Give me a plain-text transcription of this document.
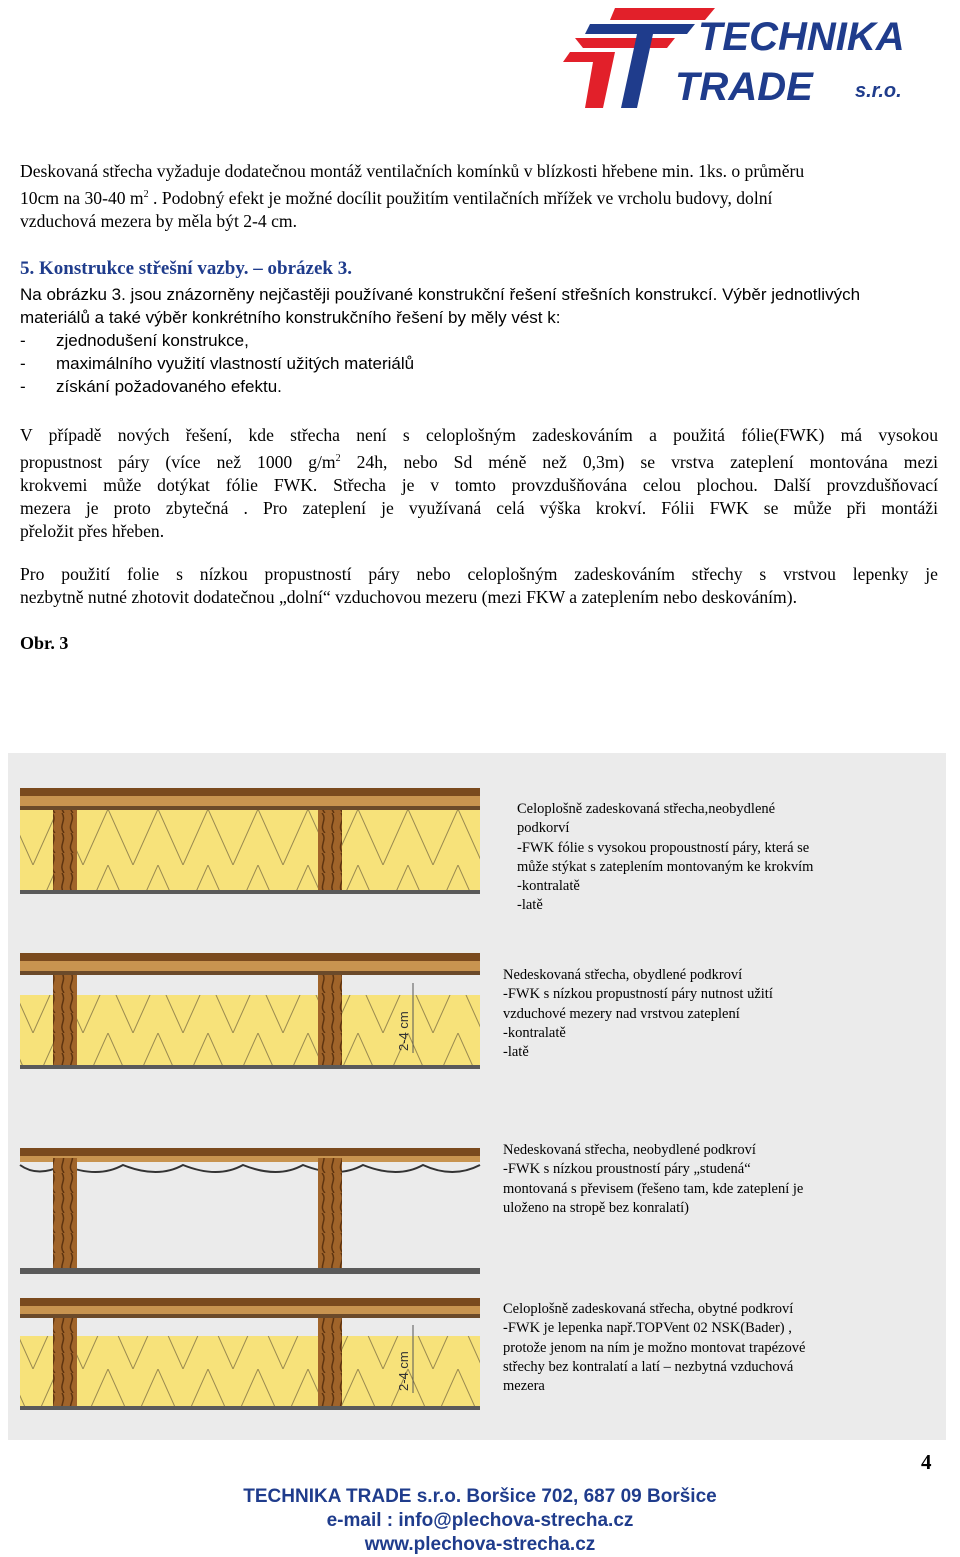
TECHNIKA
TRADE s.r.o.

Deskovaná střecha vyžaduje dodatečnou montáž ventilačních komínků v blízkosti hřebene min. 1ks. o průměru

10cm na 30-40 $m^2$ . Podobný efekt je možné docílit použitím ventilačních mřížek ve vrcholu budovy, dolní

vzduchová mezera by měla být 2-4 cm.

5. Konstrukce střešní vazby. – obrázek 3.
Na obrázku 3. jsou znázorněny nejčastěji používané konstrukční řešení střešních konstrukcí. Výběr jednotlivých
materiálů a také výběr konkrétního konstrukčního řešení by měly vést k:
-	zjednodušení konstrukce,
-	maximálního využití vlastností užitých materiálů
-	získání požadovaného efektu.

V případě nových řešení, kde střecha není s celoplošným zadeskováním a použitá fólie(FWK) má vysokou

propustnost páry (více než 1000 $g/m^2$ 24h, nebo Sd méně než 0,3m) se vrstva zateplení montována mezi

krokvemi může dotýkat fólie FWK. Střecha je v tomto provzdušňována celou plochou. Další provzdušňovací

mezera je proto zbytečná . Pro zateplení je využívaná celá výška krokví. Fólii FWK se může při montáži

přeložit přes hřeben.

Pro použití folie s nízkou propustností páry nebo celoplošným zadeskováním střechy s vrstvou lepenky je

nezbytně nutné zhotovit dodatečnou „dolní“ vzduchovou mezeru (mezi FKW a zateplením nebo deskováním).

Obr. 3
2-4 cm
2-4 cm
Celoplošně zadeskovaná střecha,neobydlené
podkorví
-FWK fólie s vysokou propoustností páry, která se
může stýkat s zateplením montovaným ke krokvím
-kontralatě
-latě
Nedeskovaná střecha, obydlené podkroví
-FWK s nízkou propustností páry nutnost užití
vzduchové mezery nad vrstvou zateplení
-kontralatě
-latě
Nedeskovaná střecha, neobydlené podkroví
-FWK s nízkou proustností páry „studená“
montovaná s převisem (řešeno tam, kde zateplení je
uloženo na stropě bez konralatí)
Celoplošně zadeskovaná střecha, obytné podkroví
-FWK je lepenka např.TOPVent 02 NSK(Bader) ,
protože jenom na ním je možno montovat trapézové
střechy bez kontralatí a latí – nezbytná vzduchová
mezera
4
TECHNIKA TRADE s.r.o. Boršice 702, 687 09 Boršice
e-mail : info@plechova-strecha.cz
www.plechova-strecha.cz
